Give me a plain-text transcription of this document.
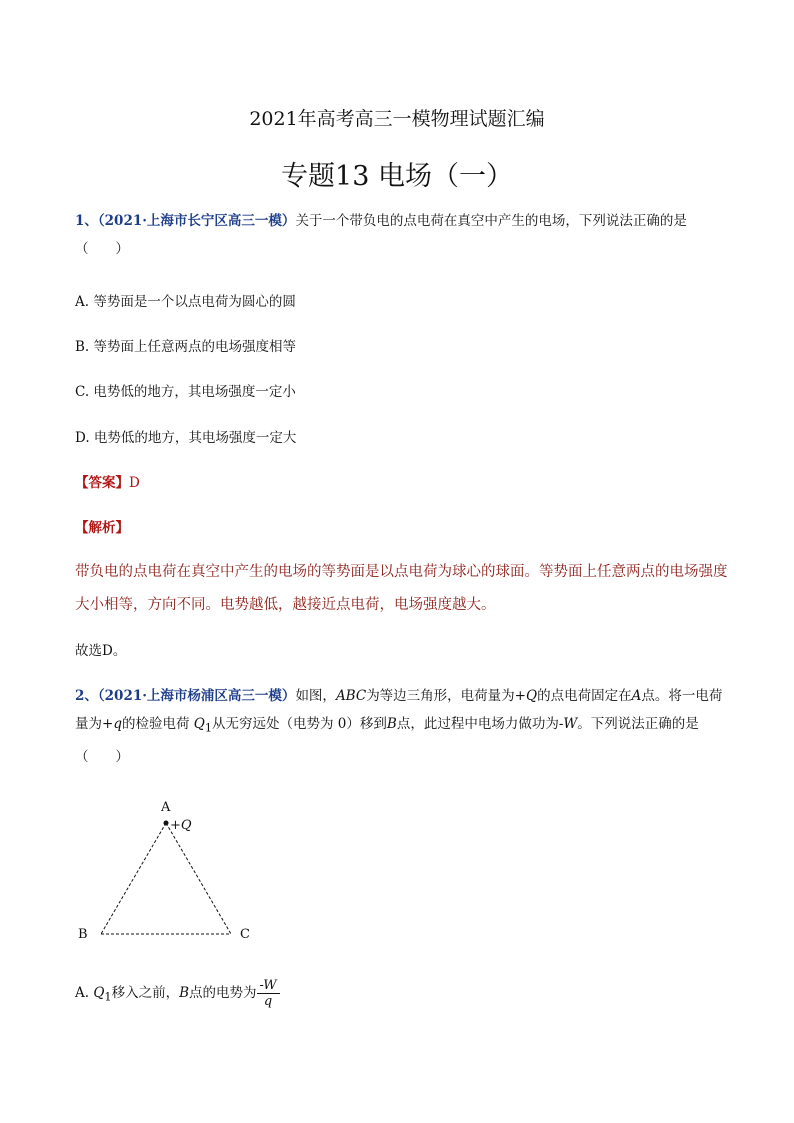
2021年高考高三一模物理试题汇编
专题13 电场（一）
1、（2021·上海市长宁区高三一模）关于一个带负电的点电荷在真空中产生的电场，下列说法正确的是
（　　）
A. 等势面是一个以点电荷为圆心的圆
B. 等势面上任意两点的电场强度相等
C. 电势低的地方，其电场强度一定小
D. 电势低的地方，其电场强度一定大
【答案】D
【解析】
带负电的点电荷在真空中产生的电场的等势面是以点电荷为球心的球面。等势面上任意两点的电场强度大小相等，方向不同。电势越低，越接近点电荷，电场强度越大。
故选D。
2、（2021·上海市杨浦区高三一模）如图，ABC为等边三角形，电荷量为+Q的点电荷固定在A点。将一电荷量为+q的检验电荷 $Q_1$从无穷远处（电势为 0）移到B点，此过程中电场力做功为-W。下列说法正确的是
（　　）
A
+Q
B	C
A. $Q_1$移入之前，B点的电势为 $\frac{-W}{q}$
